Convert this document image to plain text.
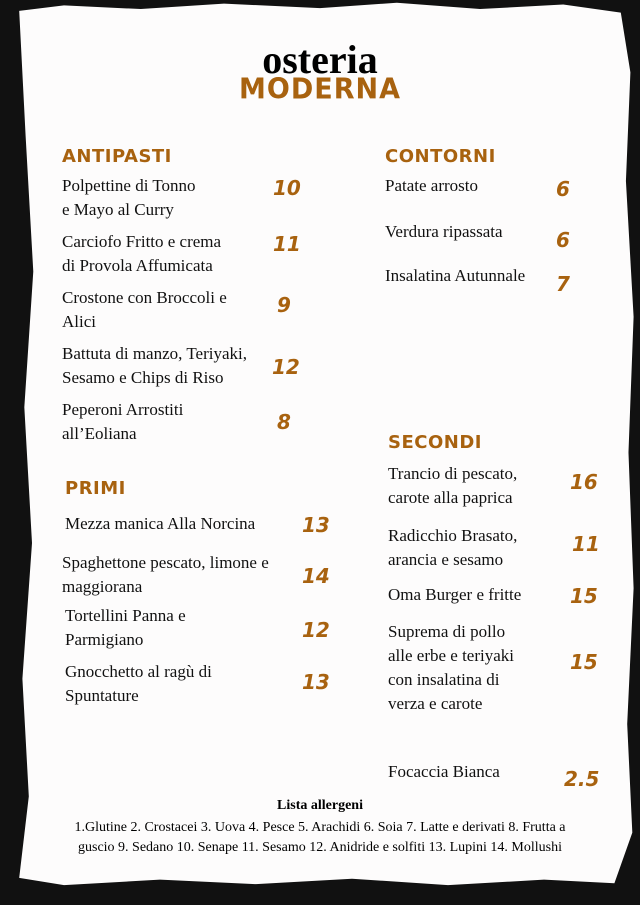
osteria
MODERNA
ANTIPASTI
Polpettine di Tonno
e Mayo al Curry
10
Carciofo Fritto e crema
di Provola Affumicata
11
Crostone con Broccoli e
Alici
9
Battuta di manzo, Teriyaki,
Sesamo e Chips di Riso	12
Peperoni Arrostiti
all’Eoliana	8
PRIMI
Mezza manica Alla Norcina 13
Spaghettone pescato, limone e
maggiorana	14
Tortellini Panna e
Parmigiano	12
Gnocchetto al ragù di
Spuntature
13
CONTORNI
Patate arrosto	6
Verdura ripassata	6
Insalatina Autunnale 7
SECONDI
Trancio di pescato,
carote alla paprica
16
Radicchio Brasato,
arancia e sesamo
11
Oma Burger e fritte 15
Suprema di pollo
alle erbe e teriyaki
con insalatina di
verza e carote
15
Focaccia Bianca	2.5
Lista allergeni
1.Glutine 2. Crostacei 3. Uova 4. Pesce 5. Arachidi 6. Soia 7. Latte e derivati 8. Frutta a guscio 9. Sedano 10. Senape 11. Sesamo 12. Anidride e solfiti 13. Lupini 14. Mollushi
